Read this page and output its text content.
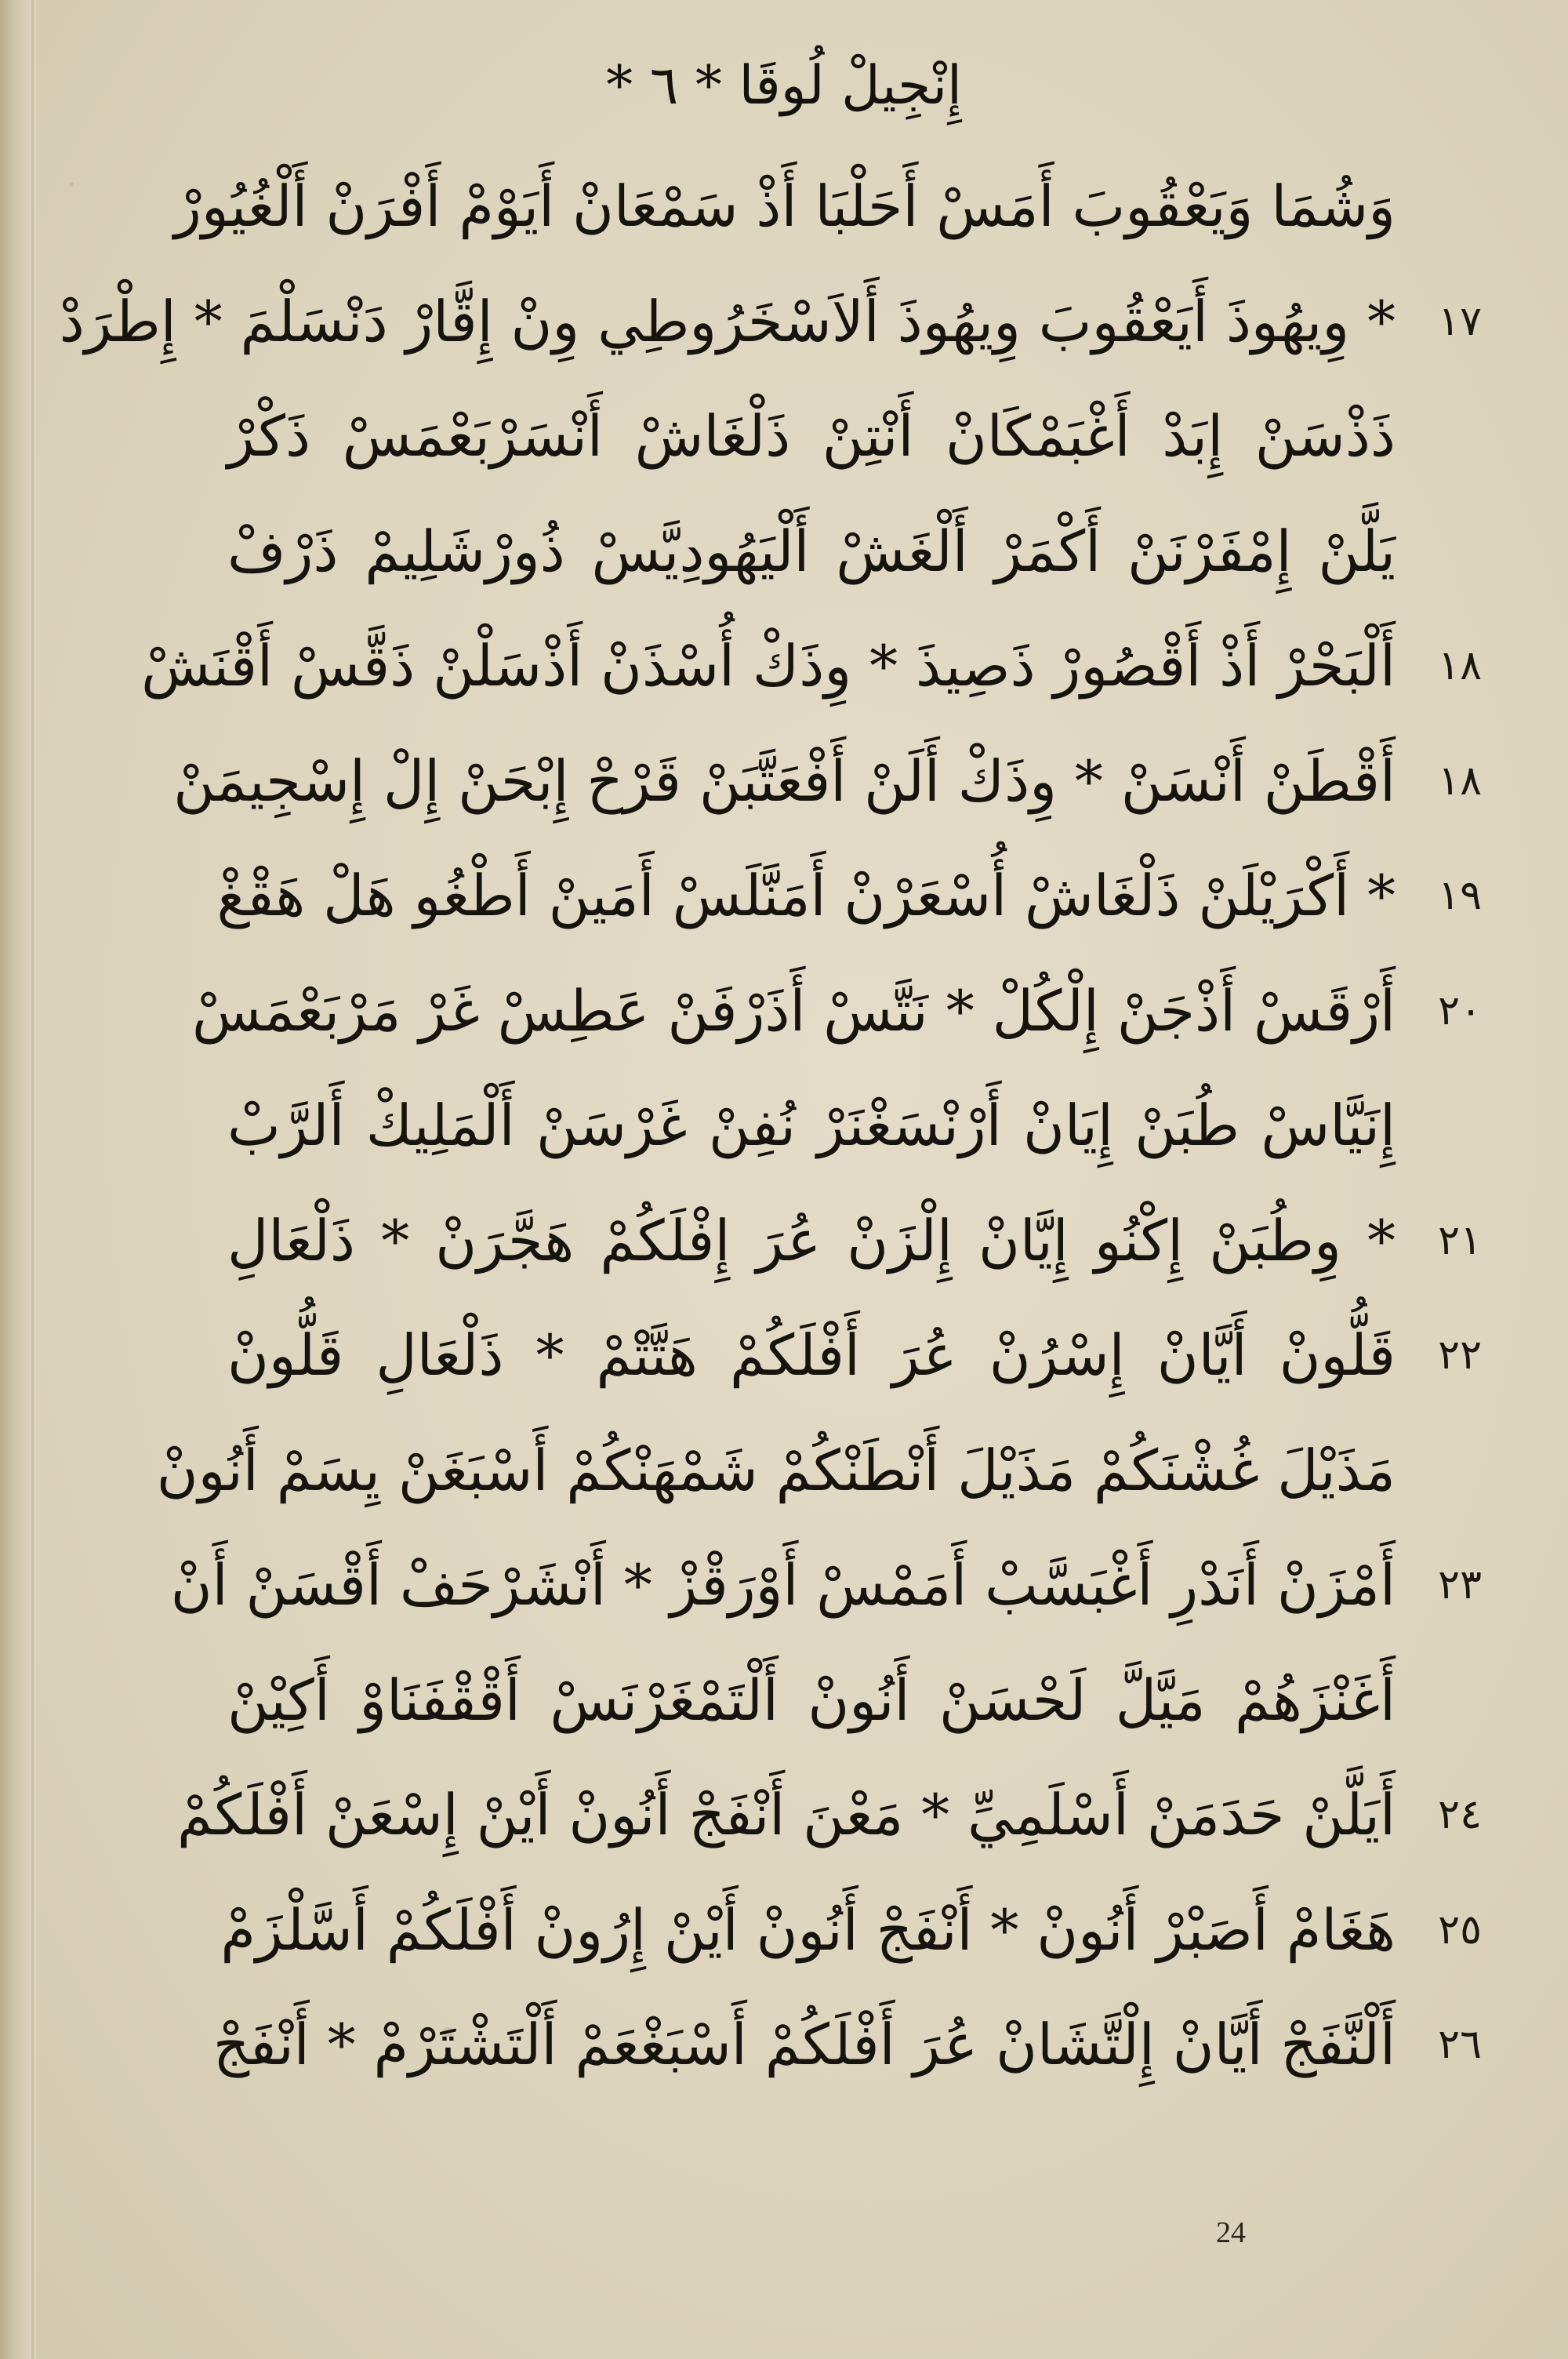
إِنْجِيلْ لُوقَا * ٦ *
وَشُمَا وَيَعْقُوبَ أَمَسْ أَحَلْبَا أَذْ سَمْعَانْ أَيَوْمْ أَفْرَنْ أَلْغُيُورْ
١٧
* وِيهُوذَ أَيَعْقُوبَ وِيهُوذَ أَلاَسْخَرُوطِي وِنْ إِقَّارْ دَنْسَلْمَ * إِطْرَدْ
ذَذْسَنْ إِبَدْ أَغْبَمْكَانْ أَنْتِنْ ذَلْغَاشْ أَنْسَرْبَعْمَسْ ذَكْرْ
يَلَّنْ إِمْفَرْنَنْ أَكْمَرْ أَلْغَشْ أَلْيَهُودِيَّسْ ذُورْشَلِيمْ ذَرْفْ
١٨
أَلْبَحْرْ أَذْ أَقْصُورْ ذَصِيذَ * وِذَكْ أُسْذَنْ أَذْسَلْنْ ذَقَّسْ أَقْنَشْ
١٨
أَقْطَنْ أَنْسَنْ * وِذَكْ أَلَنْ أَفْعَتَّبَنْ قَرْحْ إِبْحَنْ إِلْ إِسْجِيمَنْ
١٩
* أَكْرَيْلَنْ ذَلْغَاشْ أُسْعَرْنْ أَمَنَّلَسْ أَمَينْ أَطْغُو هَلْ هَقْغْ
٢٠
أَرْقَسْ أَذْجَنْ إِلْكُلْ * نَتَّسْ أَذَرْفَنْ عَطِسْ غَرْ مَرْبَعْمَسْ
إِنَيَّاسْ طُبَنْ إِيَانْ أَرْنْسَغْنَرْ نُفِنْ غَرْسَنْ أَلْمَلِيكْ أَلرَّبْ
٢١
* وِطُبَنْ إِكْنُو إِيَّانْ إِلْزَنْ عُرَ إِفْلَكُمْ هَجَّرَنْ * ذَلْعَالِ
٢٢
قَلُّونْ أَيَّانْ إِسْرُنْ عُرَ أَفْلَكُمْ هَتَّتْمْ * ذَلْعَالِ قَلُّونْ
مَذَيْلَ غُشْنَكُمْ مَذَيْلَ أَنْطَنْكُمْ شَمْهَنْكُمْ أَسْبَغَنْ يِسَمْ أَنُونْ
٢٣
أَمْزَنْ أَنَدْرِ أَغْبَسَّبْ أَمَمْسْ أَوْرَقْزْ * أَنْشَرْحَفْ أَقْسَنْ أَنْ
أَغَنْزَهُمْ مَيَّلَّ لَحْسَنْ أَنُونْ أَلْتَمْغَرْنَسْ أَقْقْفَنَاوْ أَكِيْنْ
٢٤
أَيَلَّنْ حَدَمَنْ أَسْلَمِيِّ * مَعْنَ أَنْفَجْ أَنُونْ أَيْنْ إِسْعَنْ أَفْلَكُمْ
٢٥
هَغَامْ أَصَبْرْ أَنُونْ * أَنْفَجْ أَنُونْ أَيْنْ إِرُونْ أَفْلَكُمْ أَسَّلْزَمْ
٢٦
أَلْنَّفَجْ أَيَّانْ إِلْتَّشَانْ عُرَ أَفْلَكُمْ أَسْبَغْعَمْ أَلْتَشْتَرْمْ * أَنْفَجْ
24
